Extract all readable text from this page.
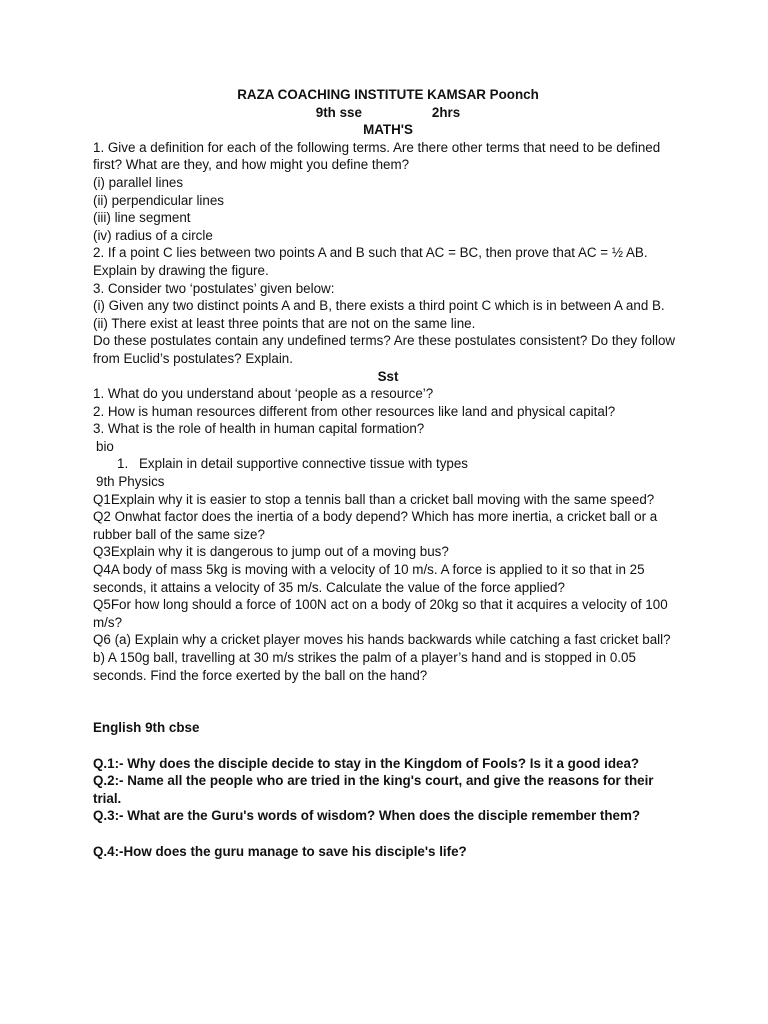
RAZA COACHING INSTITUTE KAMSAR Poonch
9th sse	2hrs
MATH'S
1. Give a definition for each of the following terms. Are there other terms that need to be defined first? What are they, and how might you define them?
(i) parallel lines
(ii) perpendicular lines
(iii) line segment
(iv) radius of a circle
2. If a point C lies between two points A and B such that AC = BC, then prove that AC = ½ AB. Explain by drawing the figure.
3. Consider two ‘postulates’ given below:
(i) Given any two distinct points A and B, there exists a third point C which is in between A and B.
(ii) There exist at least three points that are not on the same line.
Do these postulates contain any undefined terms? Are these postulates consistent? Do they follow from Euclid’s postulates? Explain.
Sst
1. What do you understand about ‘people as a resource’?
2. How is human resources different from other resources like land and physical capital?
3. What is the role of health in human capital formation?
bio
1. Explain in detail supportive connective tissue with types
9th Physics
Q1Explain why it is easier to stop a tennis ball than a cricket ball moving with the same speed?
Q2 Onwhat factor does the inertia of a body depend? Which has more inertia, a cricket ball or a rubber ball of the same size?
Q3Explain why it is dangerous to jump out of a moving bus?
Q4A body of mass 5kg is moving with a velocity of 10 m/s. A force is applied to it so that in 25 seconds, it attains a velocity of 35 m/s. Calculate the value of the force applied?
Q5For how long should a force of 100N act on a body of 20kg so that it acquires a velocity of 100 m/s?
Q6 (a) Explain why a cricket player moves his hands backwards while catching a fast cricket ball?
b) A 150g ball, travelling at 30 m/s strikes the palm of a player’s hand and is stopped in 0.05 seconds. Find the force exerted by the ball on the hand?
English 9th cbse
Q.1:- Why does the disciple decide to stay in the Kingdom of Fools? Is it a good idea?
Q.2:- Name all the people who are tried in the king's court, and give the reasons for their trial.
Q.3:- What are the Guru's words of wisdom? When does the disciple remember them?
Q.4:-How does the guru manage to save his disciple's life?
